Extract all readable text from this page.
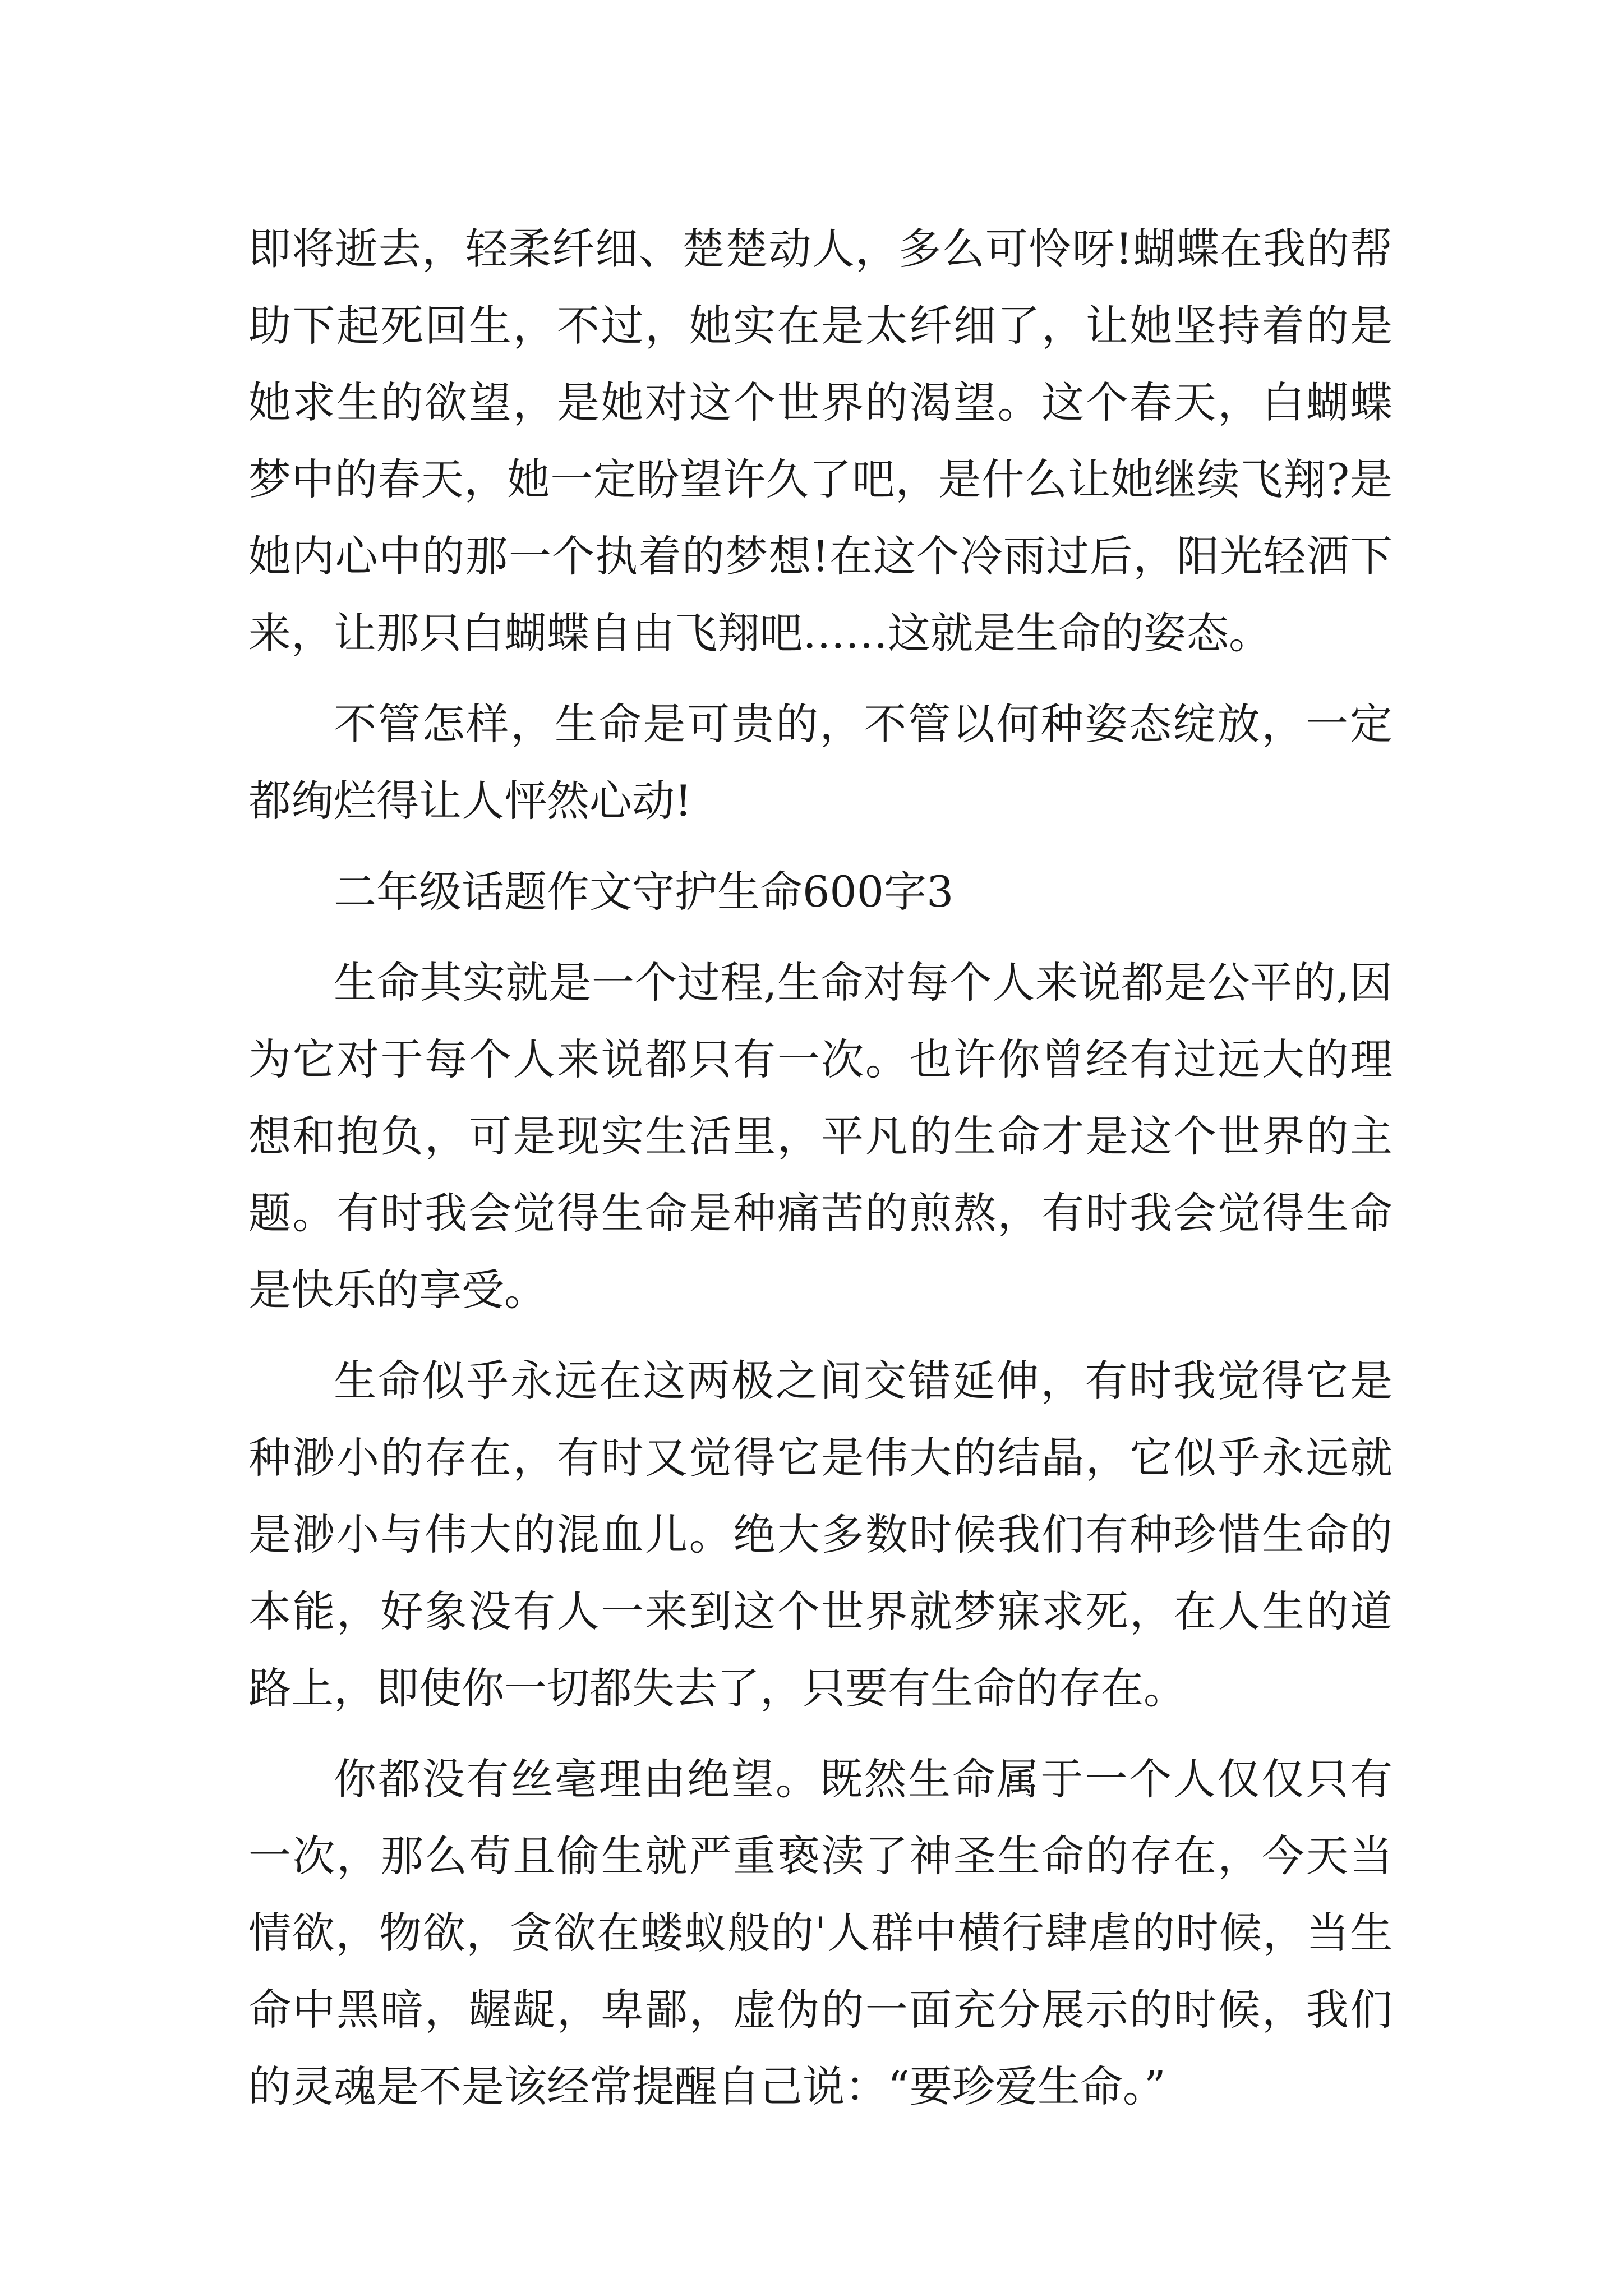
即将逝去，轻柔纤细、楚楚动人，多么可怜呀!蝴蝶在我的帮助下起死回生，不过，她实在是太纤细了，让她坚持着的是她求生的欲望，是她对这个世界的渴望。这个春天，白蝴蝶梦中的春天，她一定盼望许久了吧，是什么让她继续飞翔?是她内心中的那一个执着的梦想!在这个冷雨过后，阳光轻洒下来，让那只白蝴蝶自由飞翔吧……这就是生命的姿态。

不管怎样，生命是可贵的，不管以何种姿态绽放，一定都绚烂得让人怦然心动!

二年级话题作文守护生命600字3

生命其实就是一个过程,生命对每个人来说都是公平的,因为它对于每个人来说都只有一次。也许你曾经有过远大的理想和抱负，可是现实生活里，平凡的生命才是这个世界的主题。有时我会觉得生命是种痛苦的煎熬，有时我会觉得生命是快乐的享受。

生命似乎永远在这两极之间交错延伸，有时我觉得它是种渺小的存在，有时又觉得它是伟大的结晶，它似乎永远就是渺小与伟大的混血儿。绝大多数时候我们有种珍惜生命的本能，好象没有人一来到这个世界就梦寐求死，在人生的道路上，即使你一切都失去了，只要有生命的存在。

你都没有丝毫理由绝望。既然生命属于一个人仅仅只有一次，那么苟且偷生就严重亵渎了神圣生命的存在，今天当情欲，物欲，贪欲在蝼蚁般的'人群中横行肆虐的时候，当生命中黑暗，龌龊，卑鄙，虚伪的一面充分展示的时候，我们的灵魂是不是该经常提醒自己说：“要珍爱生命。”
